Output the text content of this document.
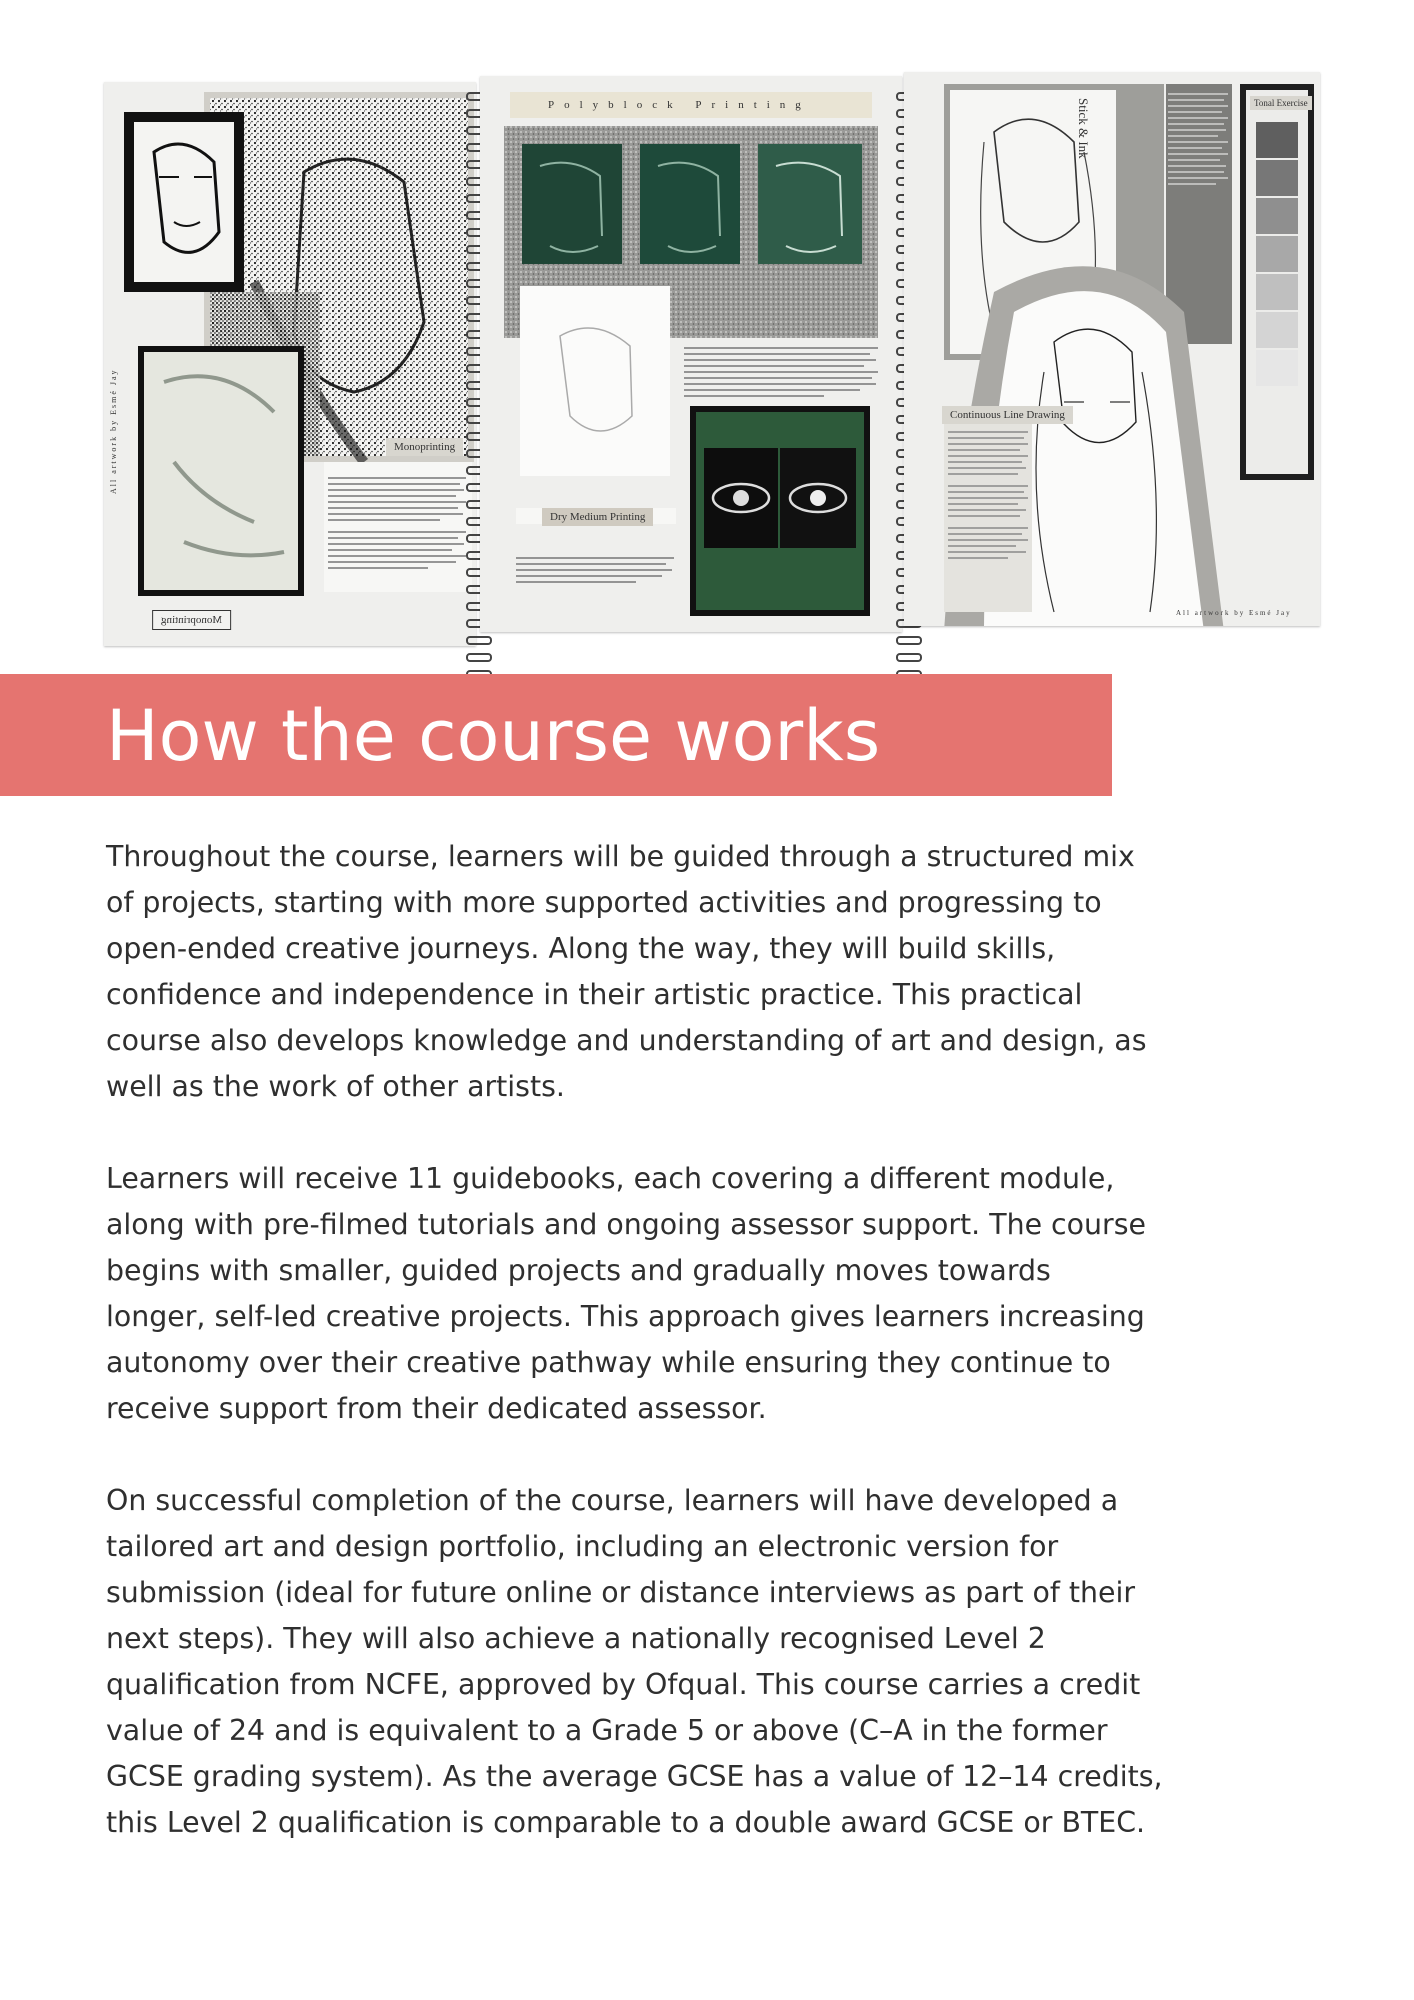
Monoprinting
Monoprinting
All artwork by Esmé Jay
Polyblock Printing
Dry Medium Printing
Stick & Ink	Tonal Exercise
Continuous Line Drawing
All artwork by Esmé Jay
How the course works

Throughout the course, learners will be guided through a structured mix
of projects, starting with more supported activities and progressing to
open-ended creative journeys. Along the way, they will build skills,
confidence and independence in their artistic practice. This practical
course also develops knowledge and understanding of art and design, as
well as the work of other artists.

Learners will receive 11 guidebooks, each covering a different module,
along with pre-filmed tutorials and ongoing assessor support. The course
begins with smaller, guided projects and gradually moves towards
longer, self-led creative projects. This approach gives learners increasing
autonomy over their creative pathway while ensuring they continue to
receive support from their dedicated assessor.

On successful completion of the course, learners will have developed a
tailored art and design portfolio, including an electronic version for
submission (ideal for future online or distance interviews as part of their
next steps). They will also achieve a nationally recognised Level 2
qualification from NCFE, approved by Ofqual. This course carries a credit
value of 24 and is equivalent to a Grade 5 or above (C–A in the former
GCSE grading system). As the average GCSE has a value of 12–14 credits,
this Level 2 qualification is comparable to a double award GCSE or BTEC.
